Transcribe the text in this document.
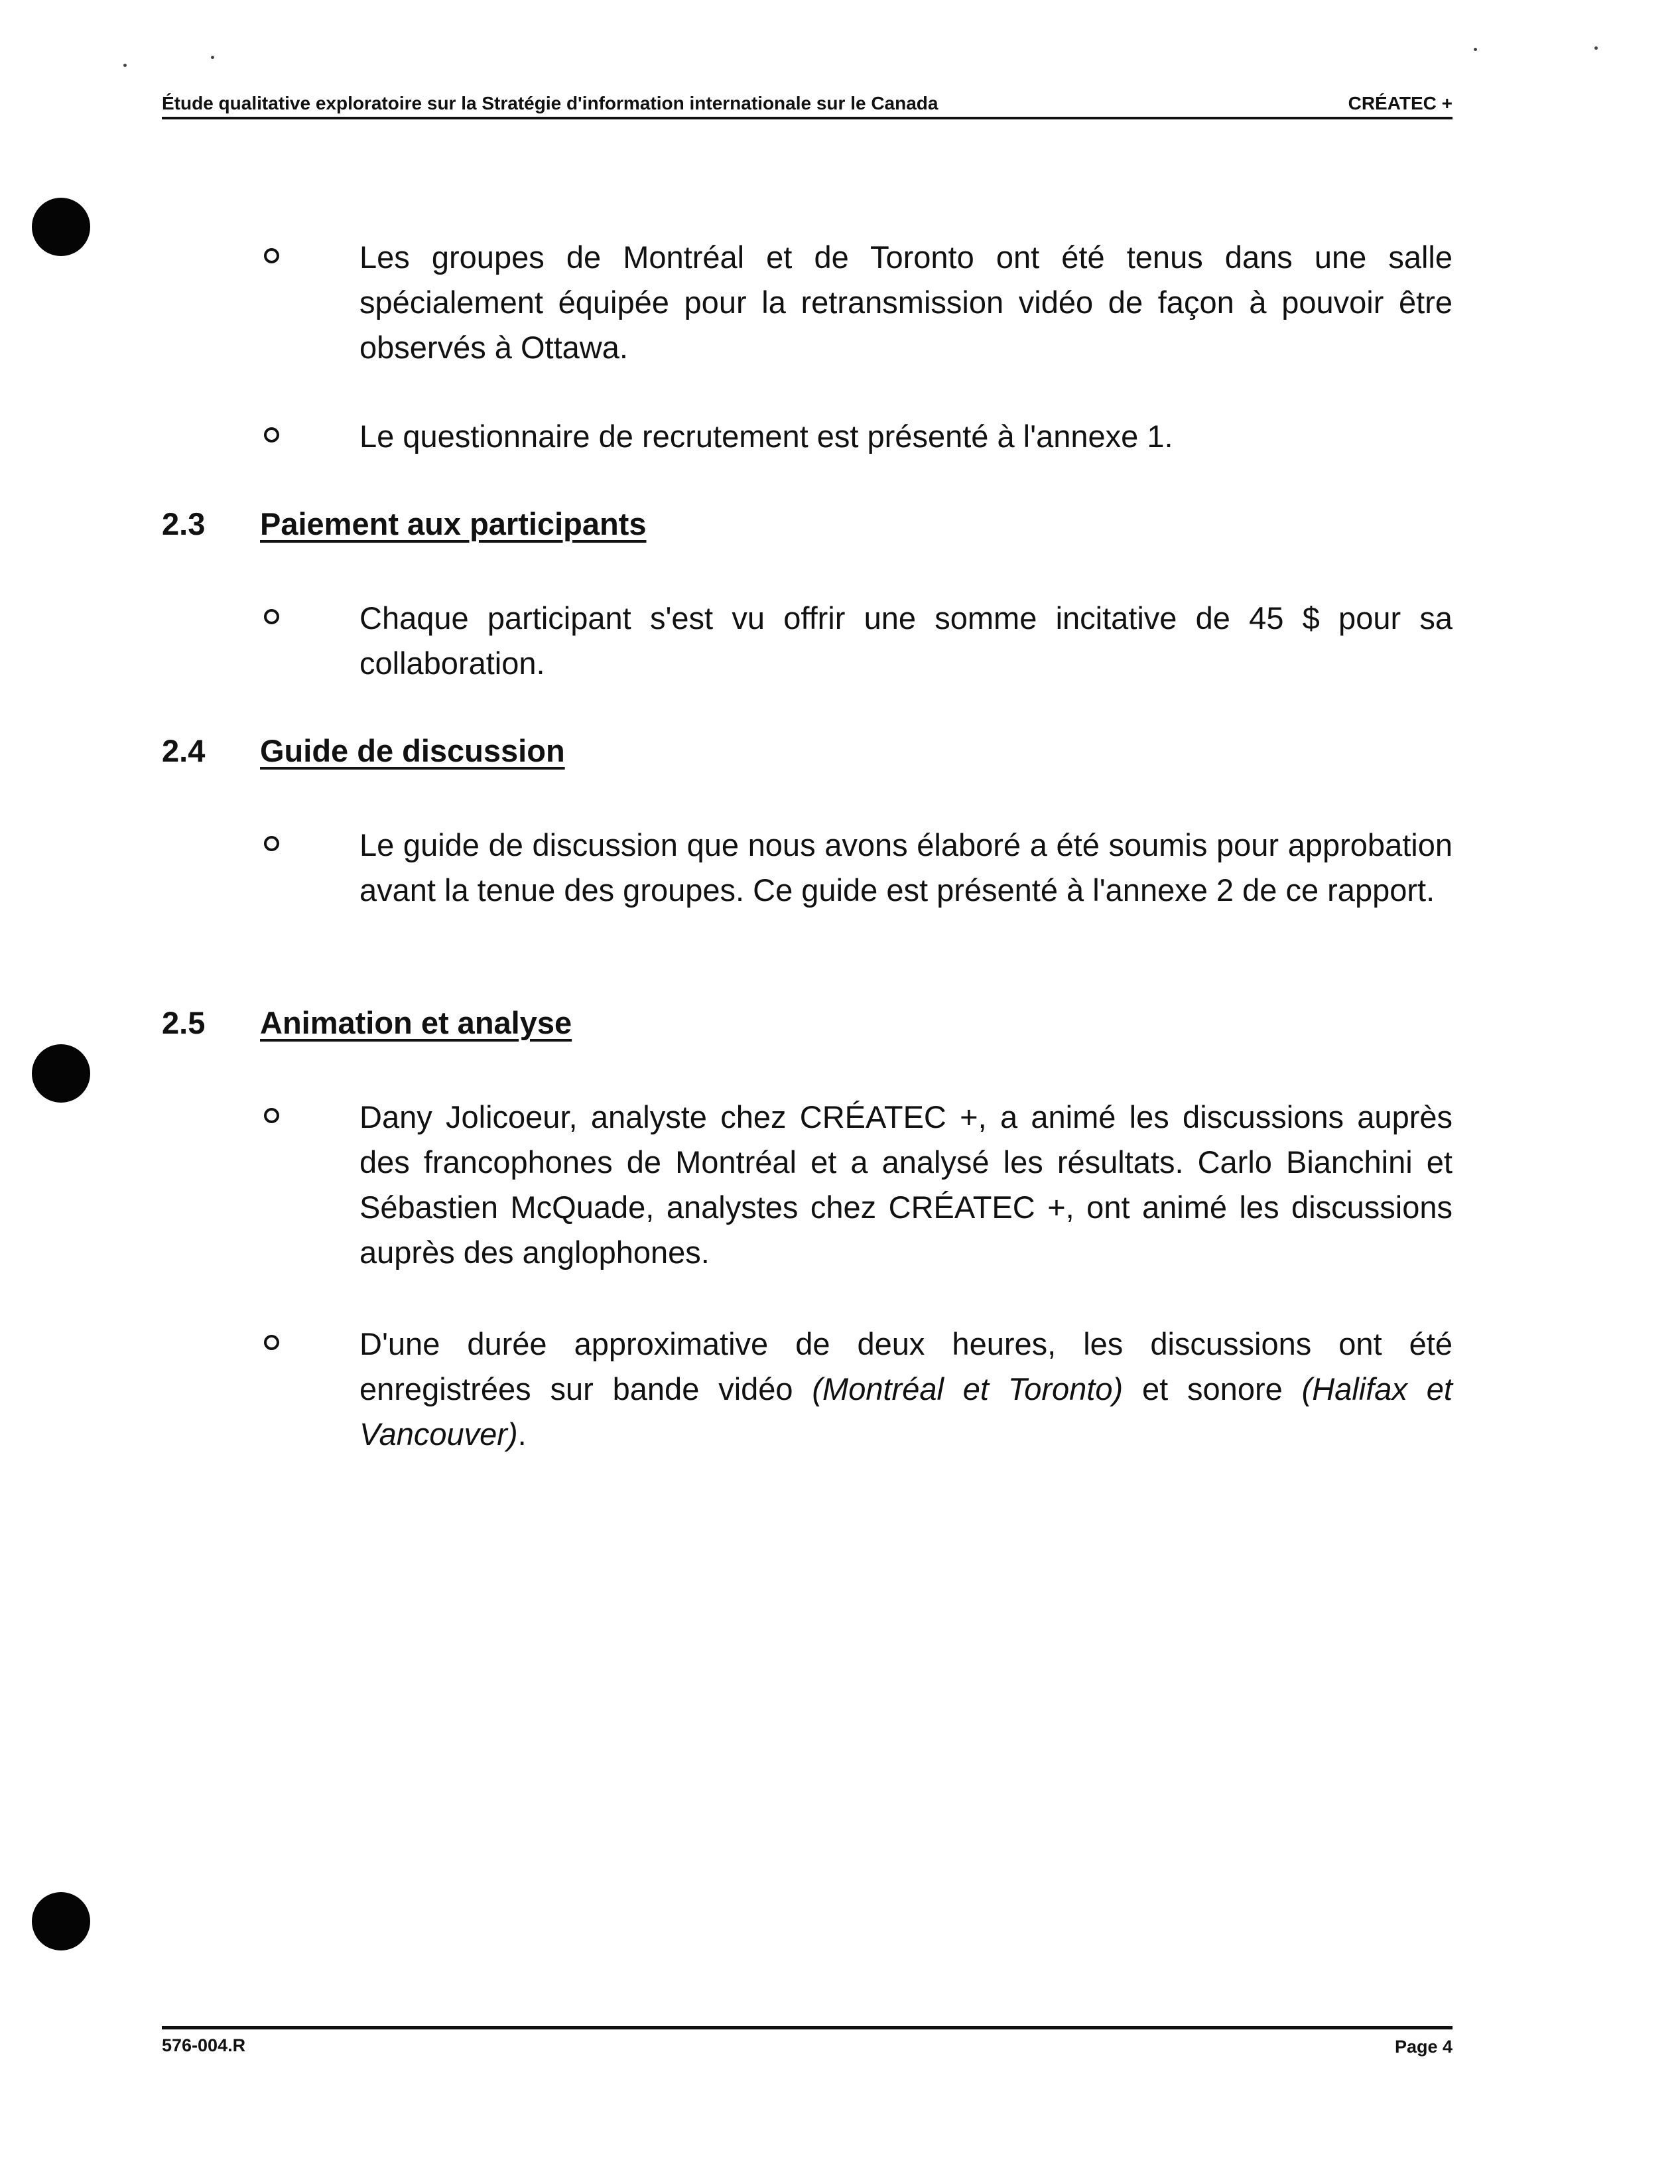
Étude qualitative exploratoire sur la Stratégie d'information internationale sur le Canada	CRÉATEC +
Les groupes de Montréal et de Toronto ont été tenus dans une salle spécialement équipée pour la retransmission vidéo de façon à pouvoir être observés à Ottawa.
Le questionnaire de recrutement est présenté à l'annexe 1.
2.3 Paiement aux participants
Chaque participant s'est vu offrir une somme incitative de 45 $ pour sa collaboration.
2.4 Guide de discussion
Le guide de discussion que nous avons élaboré a été soumis pour approbation avant la tenue des groupes. Ce guide est présenté à l'annexe 2 de ce rapport.
2.5 Animation et analyse
Dany Jolicoeur, analyste chez CRÉATEC +, a animé les discussions auprès des francophones de Montréal et a analysé les résultats. Carlo Bianchini et Sébastien McQuade, analystes chez CRÉATEC +, ont animé les discussions auprès des anglophones.
D'une durée approximative de deux heures, les discussions ont été enregistrées sur bande vidéo (Montréal et Toronto) et sonore (Halifax et Vancouver).
576-004.R	Page 4
